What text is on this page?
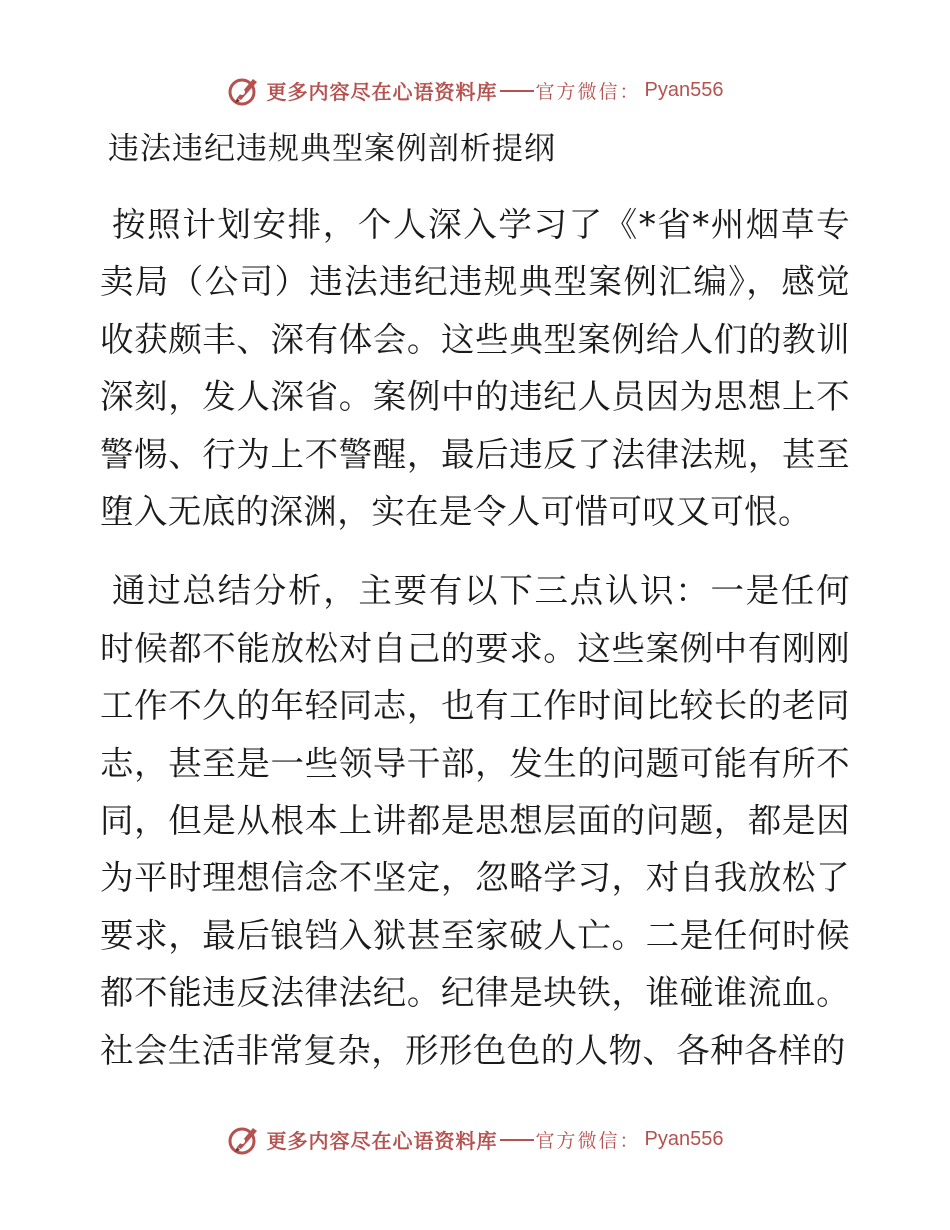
更多内容尽在心语资料库 官方微信： Pyan556
违法违纪违规典型案例剖析提纲

按照计划安排，个人深入学习了《*省*州烟草专卖局（公司）违法违纪违规典型案例汇编》，感觉收获颇丰、深有体会。这些典型案例给人们的教训深刻，发人深省。案例中的违纪人员因为思想上不警惕、行为上不警醒，最后违反了法律法规，甚至堕入无底的深渊，实在是令人可惜可叹又可恨。

通过总结分析，主要有以下三点认识：一是任何时候都不能放松对自己的要求。这些案例中有刚刚工作不久的年轻同志，也有工作时间比较长的老同志，甚至是一些领导干部，发生的问题可能有所不同，但是从根本上讲都是思想层面的问题，都是因为平时理想信念不坚定，忽略学习，对自我放松了要求，最后锒铛入狱甚至家破人亡。二是任何时候都不能违反法律法纪。纪律是块铁，谁碰谁流血。社会生活非常复杂，形形色色的人物、各种各样的

更多内容尽在心语资料库 官方微信： Pyan556
